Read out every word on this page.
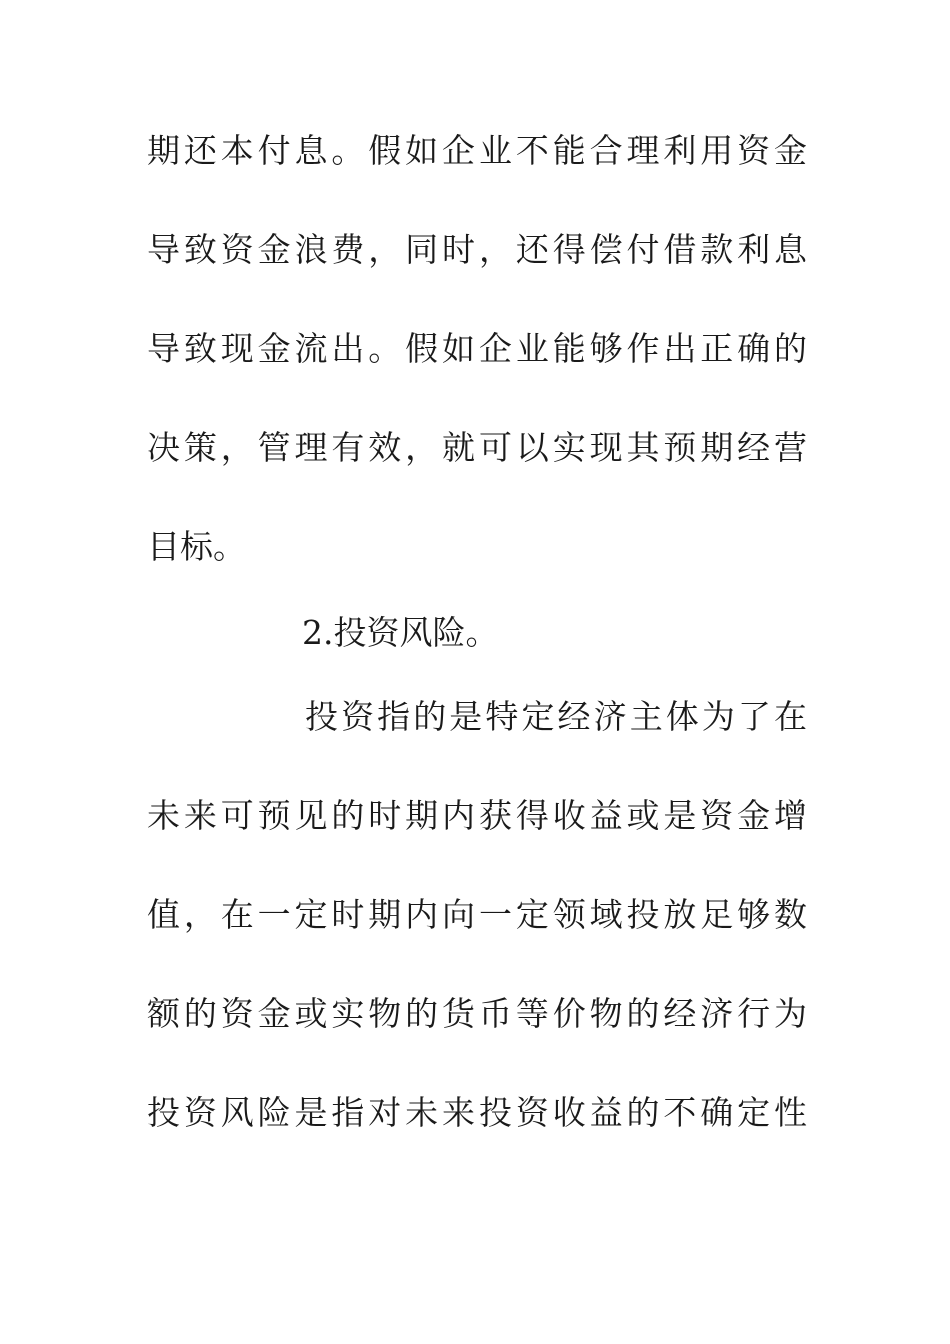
期还本付息。假如企业不能合理利用资金
导致资金浪费，同时，还得偿付借款利息
导致现金流出。假如企业能够作出正确的
决策，管理有效，就可以实现其预期经营
目标。
2.投资风险。
投资指的是特定经济主体为了在
未来可预见的时期内获得收益或是资金增
值，在一定时期内向一定领域投放足够数
额的资金或实物的货币等价物的经济行为
投资风险是指对未来投资收益的不确定性
